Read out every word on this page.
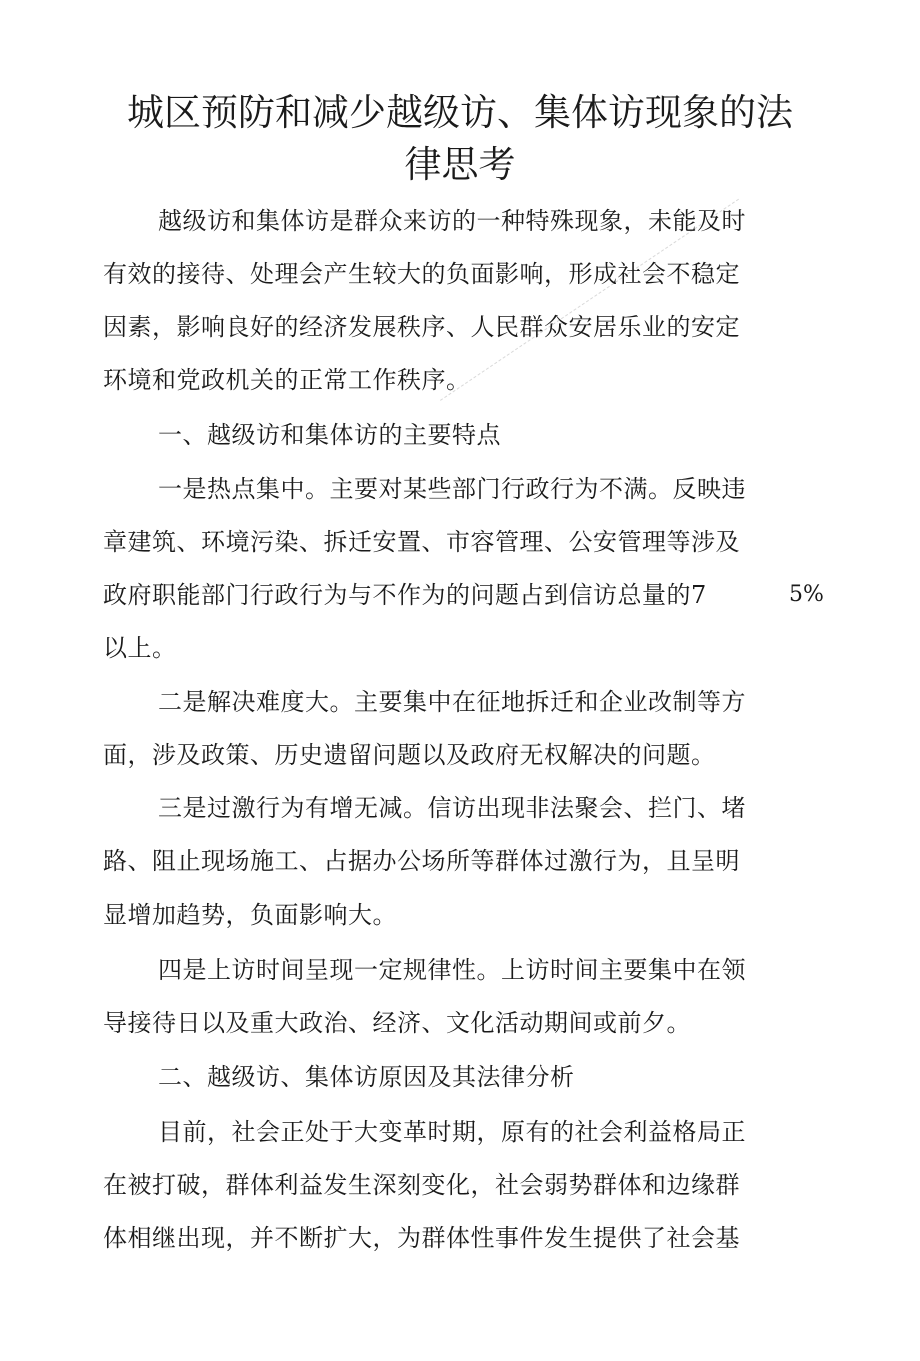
城区预防和减少越级访、集体访现象的法
律思考
越级访和集体访是群众来访的一种特殊现象，未能及时
有效的接待、处理会产生较大的负面影响，形成社会不稳定
因素，影响良好的经济发展秩序、人民群众安居乐业的安定
环境和党政机关的正常工作秩序。
一、越级访和集体访的主要特点
一是热点集中。主要对某些部门行政行为不满。反映违
章建筑、环境污染、拆迁安置、市容管理、公安管理等涉及
政府职能部门行政行为与不作为的问题占到信访总量的7	5%
以上。
二是解决难度大。主要集中在征地拆迁和企业改制等方
面，涉及政策、历史遗留问题以及政府无权解决的问题。
三是过激行为有增无减。信访出现非法聚会、拦门、堵
路、阻止现场施工、占据办公场所等群体过激行为，且呈明
显增加趋势，负面影响大。
四是上访时间呈现一定规律性。上访时间主要集中在领
导接待日以及重大政治、经济、文化活动期间或前夕。
二、越级访、集体访原因及其法律分析
目前，社会正处于大变革时期，原有的社会利益格局正
在被打破，群体利益发生深刻变化，社会弱势群体和边缘群
体相继出现，并不断扩大，为群体性事件发生提供了社会基
